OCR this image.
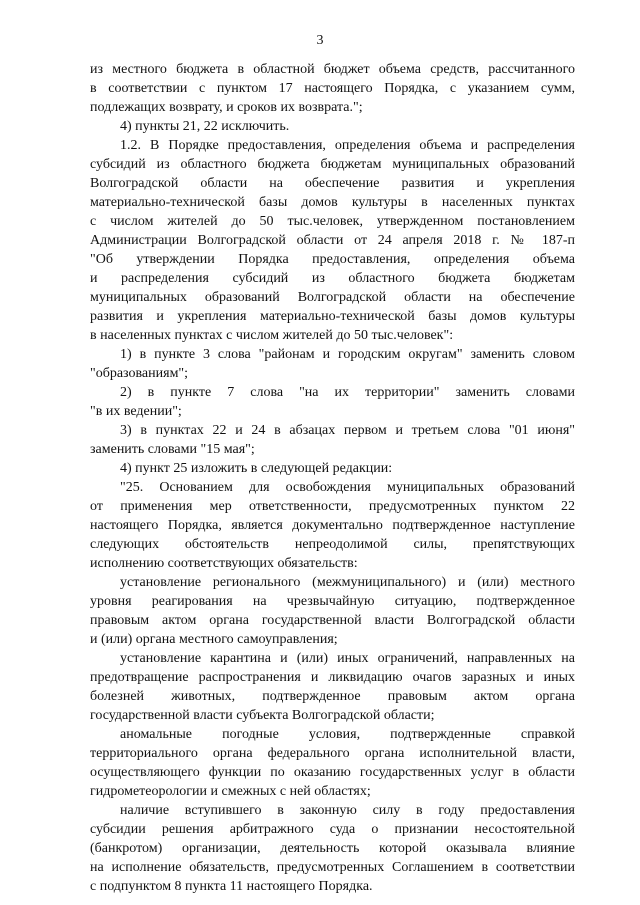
3
из местного бюджета в областной бюджет объема средств, рассчитанного
в соответствии с пунктом 17 настоящего Порядка, с указанием сумм,
подлежащих возврату, и сроков их возврата.";
4) пункты 21, 22 исключить.
1.2. В Порядке предоставления, определения объема и распределения
субсидий из областного бюджета бюджетам муниципальных образований
Волгоградской области на обеспечение развития и укрепления
материально-технической базы домов культуры в населенных пунктах
с числом жителей до 50 тыс.человек, утвержденном постановлением
Администрации Волгоградской области от 24 апреля 2018 г. № 187-п
"Об утверждении Порядка предоставления, определения объема
и распределения субсидий из областного бюджета бюджетам
муниципальных образований Волгоградской области на обеспечение
развития и укрепления материально-технической базы домов культуры
в населенных пунктах с числом жителей до 50 тыс.человек":
1) в пункте 3 слова "районам и городским округам" заменить словом
"образованиям";
2) в пункте 7 слова "на их территории" заменить словами
"в их ведении";
3) в пунктах 22 и 24 в абзацах первом и третьем слова "01 июня"
заменить словами "15 мая";
4) пункт 25 изложить в следующей редакции:
"25. Основанием для освобождения муниципальных образований
от применения мер ответственности, предусмотренных пунктом 22
настоящего Порядка, является документально подтвержденное наступление
следующих обстоятельств непреодолимой силы, препятствующих
исполнению соответствующих обязательств:
установление регионального (межмуниципального) и (или) местного
уровня реагирования на чрезвычайную ситуацию, подтвержденное
правовым актом органа государственной власти Волгоградской области
и (или) органа местного самоуправления;
установление карантина и (или) иных ограничений, направленных на
предотвращение распространения и ликвидацию очагов заразных и иных
болезней животных, подтвержденное правовым актом органа
государственной власти субъекта Волгоградской области;
аномальные погодные условия, подтвержденные справкой
территориального органа федерального органа исполнительной власти,
осуществляющего функции по оказанию государственных услуг в области
гидрометеорологии и смежных с ней областях;
наличие вступившего в законную силу в году предоставления
субсидии решения арбитражного суда о признании несостоятельной
(банкротом) организации, деятельность которой оказывала влияние
на исполнение обязательств, предусмотренных Соглашением в соответствии
с подпунктом 8 пункта 11 настоящего Порядка.
